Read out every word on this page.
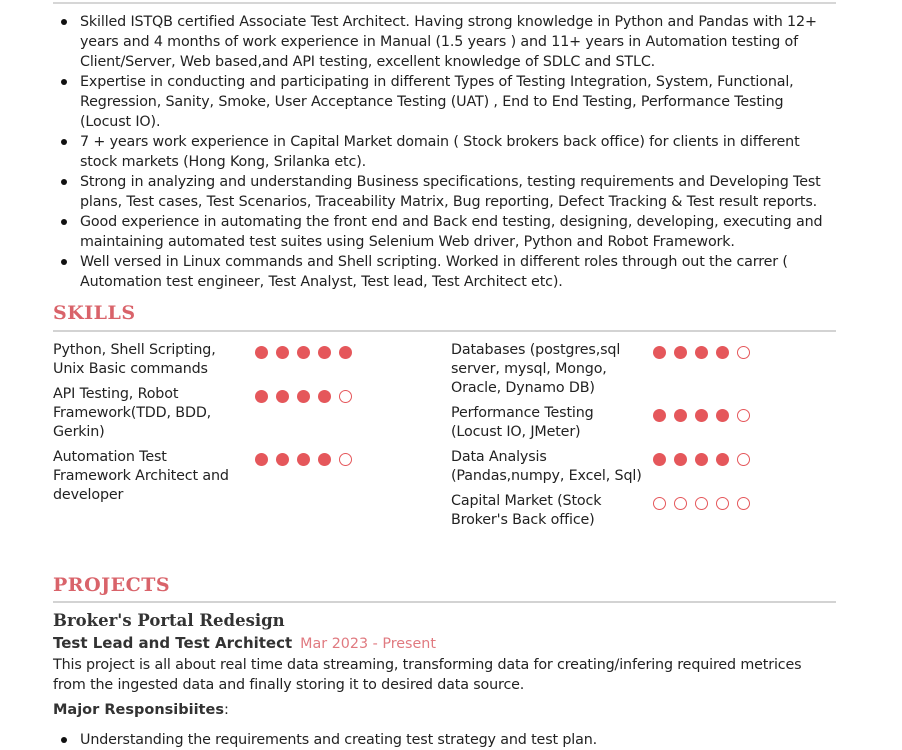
Skilled ISTQB certified Associate Test Architect. Having strong knowledge in Python and Pandas with 12+ years and 4 months of work experience in Manual (1.5 years ) and 11+ years in Automation testing of Client/Server, Web based,and API testing, excellent knowledge of SDLC and STLC.
Expertise in conducting and participating in different Types of Testing Integration, System, Functional, Regression, Sanity, Smoke, User Acceptance Testing (UAT) , End to End Testing, Performance Testing (Locust IO).
7 + years work experience in Capital Market domain ( Stock brokers back office) for clients in different stock markets (Hong Kong, Srilanka etc).
Strong in analyzing and understanding Business specifications, testing requirements and Developing Test plans, Test cases, Test Scenarios, Traceability Matrix, Bug reporting, Defect Tracking & Test result reports.
Good experience in automating the front end and Back end testing, designing, developing, executing and maintaining automated test suites using Selenium Web driver, Python and Robot Framework.
Well versed in Linux commands and Shell scripting. Worked in different roles through out the carrer ( Automation test engineer, Test Analyst, Test lead, Test Architect etc).
SKILLS
Python, Shell Scripting, Unix Basic commands
API Testing, Robot Framework(TDD, BDD, Gerkin)
Automation Test Framework Architect and developer
Databases (postgres,sql server, mysql, Mongo, Oracle, Dynamo DB)
Performance Testing (Locust IO, JMeter)
Data Analysis (Pandas,numpy, Excel, Sql)
Capital Market (Stock Broker's Back office)
PROJECTS
Broker's Portal Redesign
Test Lead and Test Architect Mar 2023 - Present
This project is all about real time data streaming, transforming data for creating/infering required metrices from the ingested data and finally storing it to desired data source.
Major Responsibiites:
Understanding the requirements and creating test strategy and test plan.
